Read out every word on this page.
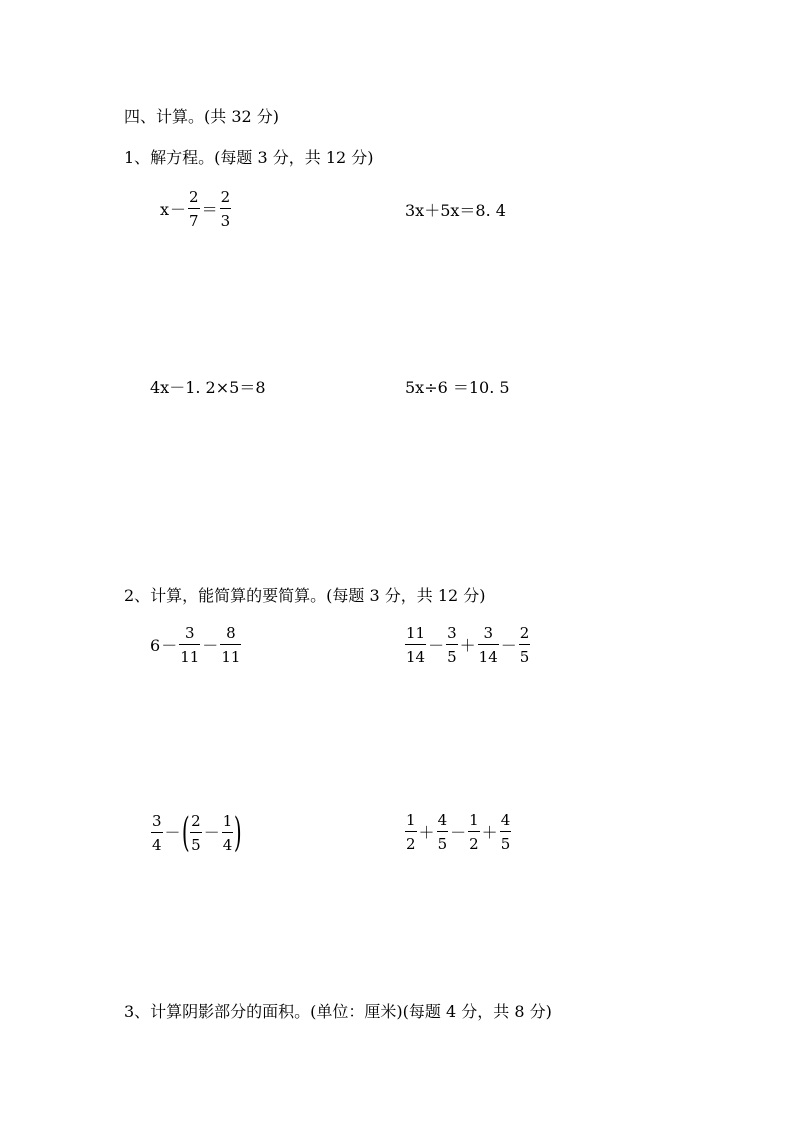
四、计算。(共 32 分)
1、解方程。(每题 3 分，共 12 分)
$x - \frac{2}{7} = \frac{2}{3}$	3x＋5x＝8. 4
4x－1. 2×5＝8	5x÷6 ＝10. 5
2、计算，能简算的要简算。(每题 3 分，共 12 分)
$6 - \frac{3}{11} - \frac{8}{11}$	$\frac{11}{14} - \frac{3}{5} + \frac{3}{14} - \frac{2}{5}$
$\frac{3}{4}$ － ( $\frac{2}{5} - \frac{1}{4}$ )	$\frac{1}{2} + \frac{4}{5} - \frac{1}{2} + \frac{4}{5}$
3、计算阴影部分的面积。(单位：厘米)(每题 4 分，共 8 分)
